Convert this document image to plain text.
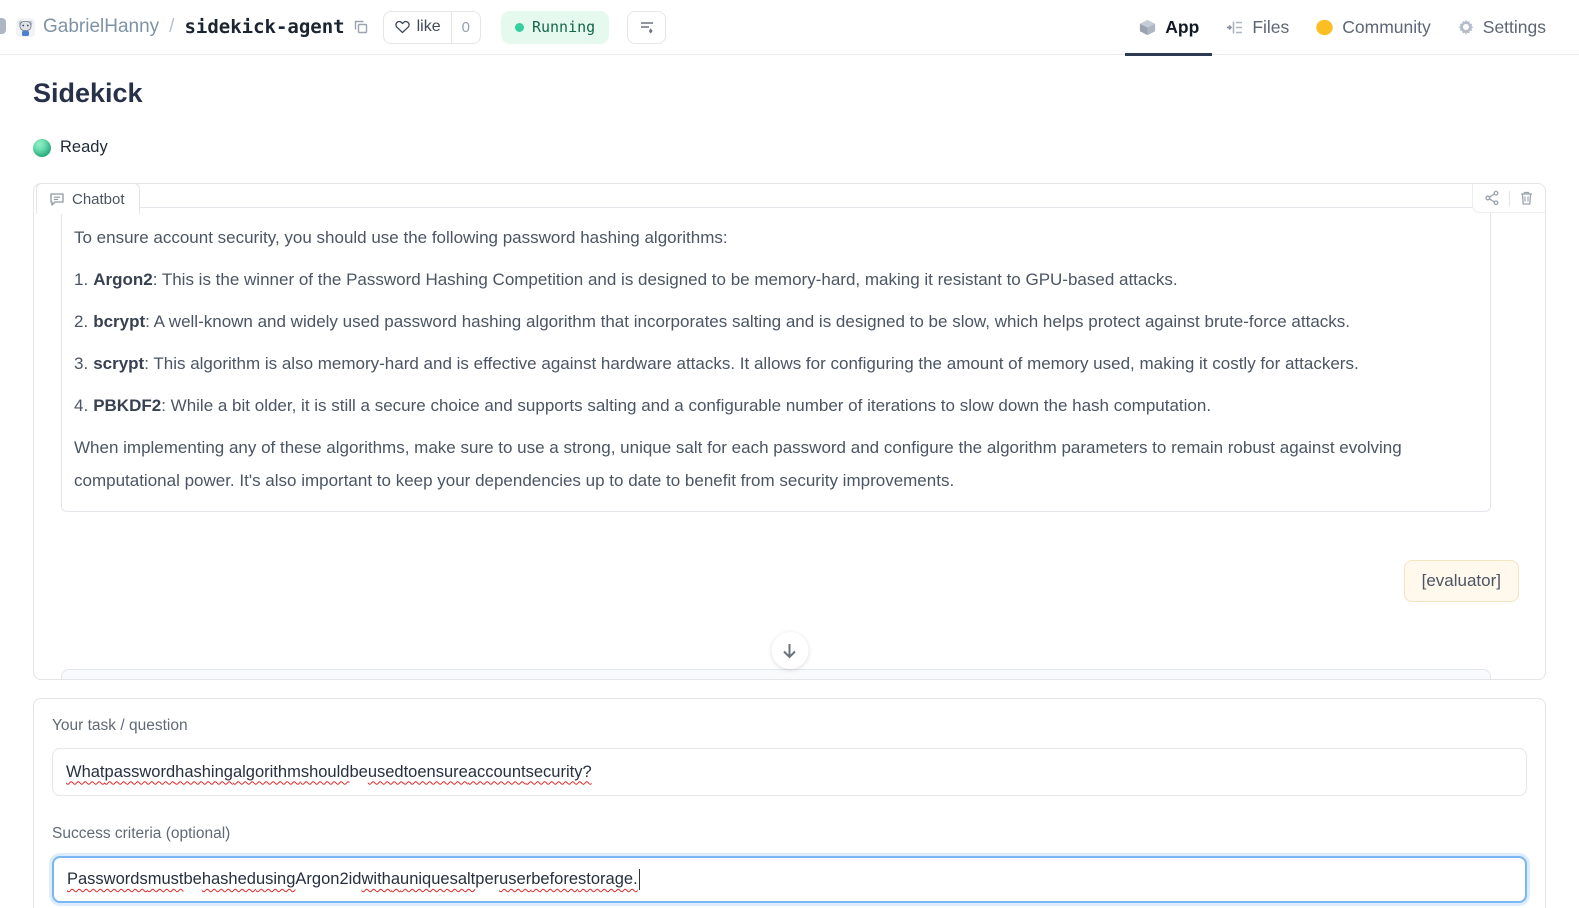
GabrielHanny / sidekick-agent	like	0	Running	App	Files	Community	Settings
Sidekick
Ready
Chatbot

To ensure account security, you should use the following password hashing algorithms:

1. Argon2: This is the winner of the Password Hashing Competition and is designed to be memory-hard, making it resistant to GPU-based attacks.

2. bcrypt: A well-known and widely used password hashing algorithm that incorporates salting and is designed to be slow, which helps protect against brute-force attacks.

3. scrypt: This algorithm is also memory-hard and is effective against hardware attacks. It allows for configuring the amount of memory used, making it costly for attackers.

4. PBKDF2: While a bit older, it is still a secure choice and supports salting and a configurable number of iterations to slow down the hash computation.

When implementing any of these algorithms, make sure to use a strong, unique salt for each password and configure the algorithm parameters to remain robust against evolving computational power. It's also important to keep your dependencies up to date to benefit from security improvements.

[evaluator]
Your task / question
What password hashing algorithm should be used to ensure account security?
Success criteria (optional)
Passwords must be hashed using Argon2id with a unique salt per user before storage.
